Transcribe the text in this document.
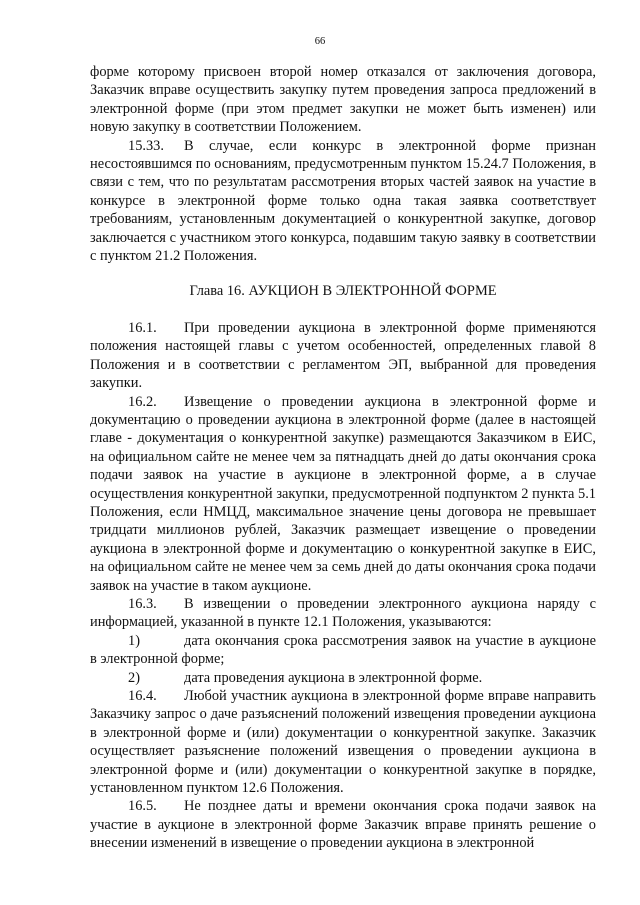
66

форме которому присвоен второй номер отказался от заключения договора, Заказчик вправе осуществить закупку путем проведения запроса предложений в электронной форме (при этом предмет закупки не может быть изменен) или новую закупку в соответствии Положением.

15.33. В случае, если конкурс в электронной форме признан несостоявшимся по основаниям, предусмотренным пунктом 15.24.7 Положения, в связи с тем, что по результатам рассмотрения вторых частей заявок на участие в конкурсе в электронной форме только одна такая заявка соответствует требованиям, установленным документацией о конкурентной закупке, договор заключается с участником этого конкурса, подавшим такую заявку в соответствии с пунктом 21.2 Положения.

Глава 16. АУКЦИОН В ЭЛЕКТРОННОЙ ФОРМЕ

16.1. При проведении аукциона в электронной форме применяются положения настоящей главы с учетом особенностей, определенных главой 8 Положения и в соответствии с регламентом ЭП, выбранной для проведения закупки.

16.2. Извещение о проведении аукциона в электронной форме и документацию о проведении аукциона в электронной форме (далее в настоящей главе - документация о конкурентной закупке) размещаются Заказчиком в ЕИС, на официальном сайте не менее чем за пятнадцать дней до даты окончания срока подачи заявок на участие в аукционе в электронной форме, а в случае осуществления конкурентной закупки, предусмотренной подпунктом 2 пункта 5.1 Положения, если НМЦД, максимальное значение цены договора не превышает тридцати миллионов рублей, Заказчик размещает извещение о проведении аукциона в электронной форме и документацию о конкурентной закупке в ЕИС, на официальном сайте не менее чем за семь дней до даты окончания срока подачи заявок на участие в таком аукционе.

16.3. В извещении о проведении электронного аукциона наряду с информацией, указанной в пункте 12.1 Положения, указываются:

1)	дата окончания срока рассмотрения заявок на участие в аукционе в электронной форме;

2)	дата проведения аукциона в электронной форме.

16.4. Любой участник аукциона в электронной форме вправе направить Заказчику запрос о даче разъяснений положений извещения проведении аукциона в электронной форме и (или) документации о конкурентной закупке. Заказчик осуществляет разъяснение положений извещения о проведении аукциона в электронной форме и (или) документации о конкурентной закупке в порядке, установленном пунктом 12.6 Положения.

16.5. Не позднее даты и времени окончания срока подачи заявок на участие в аукционе в электронной форме Заказчик вправе принять решение о внесении изменений в извещение о проведении аукциона в электронной
